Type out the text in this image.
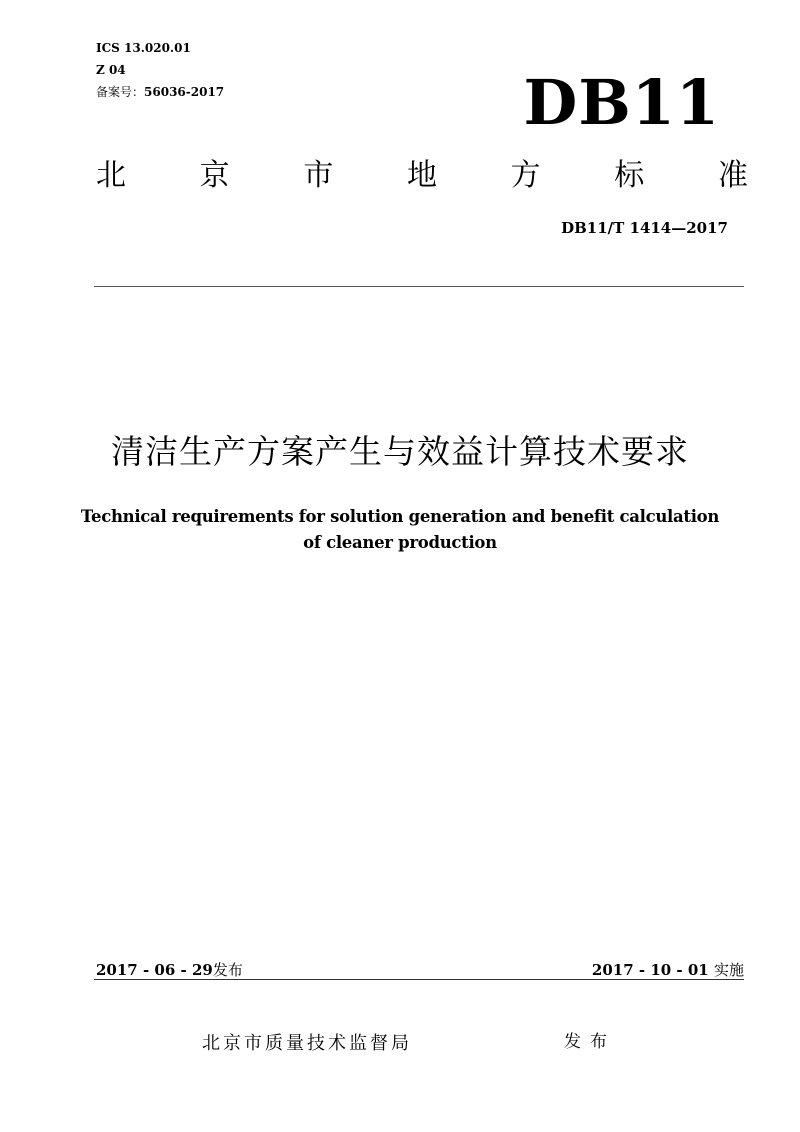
ICS 13.020.01
Z 04
备案号：56036-2017	DB11
北 京 市 地 方 标 准
DB11/T 1414—2017
清洁生产方案产生与效益计算技术要求
Technical requirements for solution generation and benefit calculation
of cleaner production
2017 - 06 - 29发布	2017 - 10 - 01 实施
北京市质量技术监督局	发布
